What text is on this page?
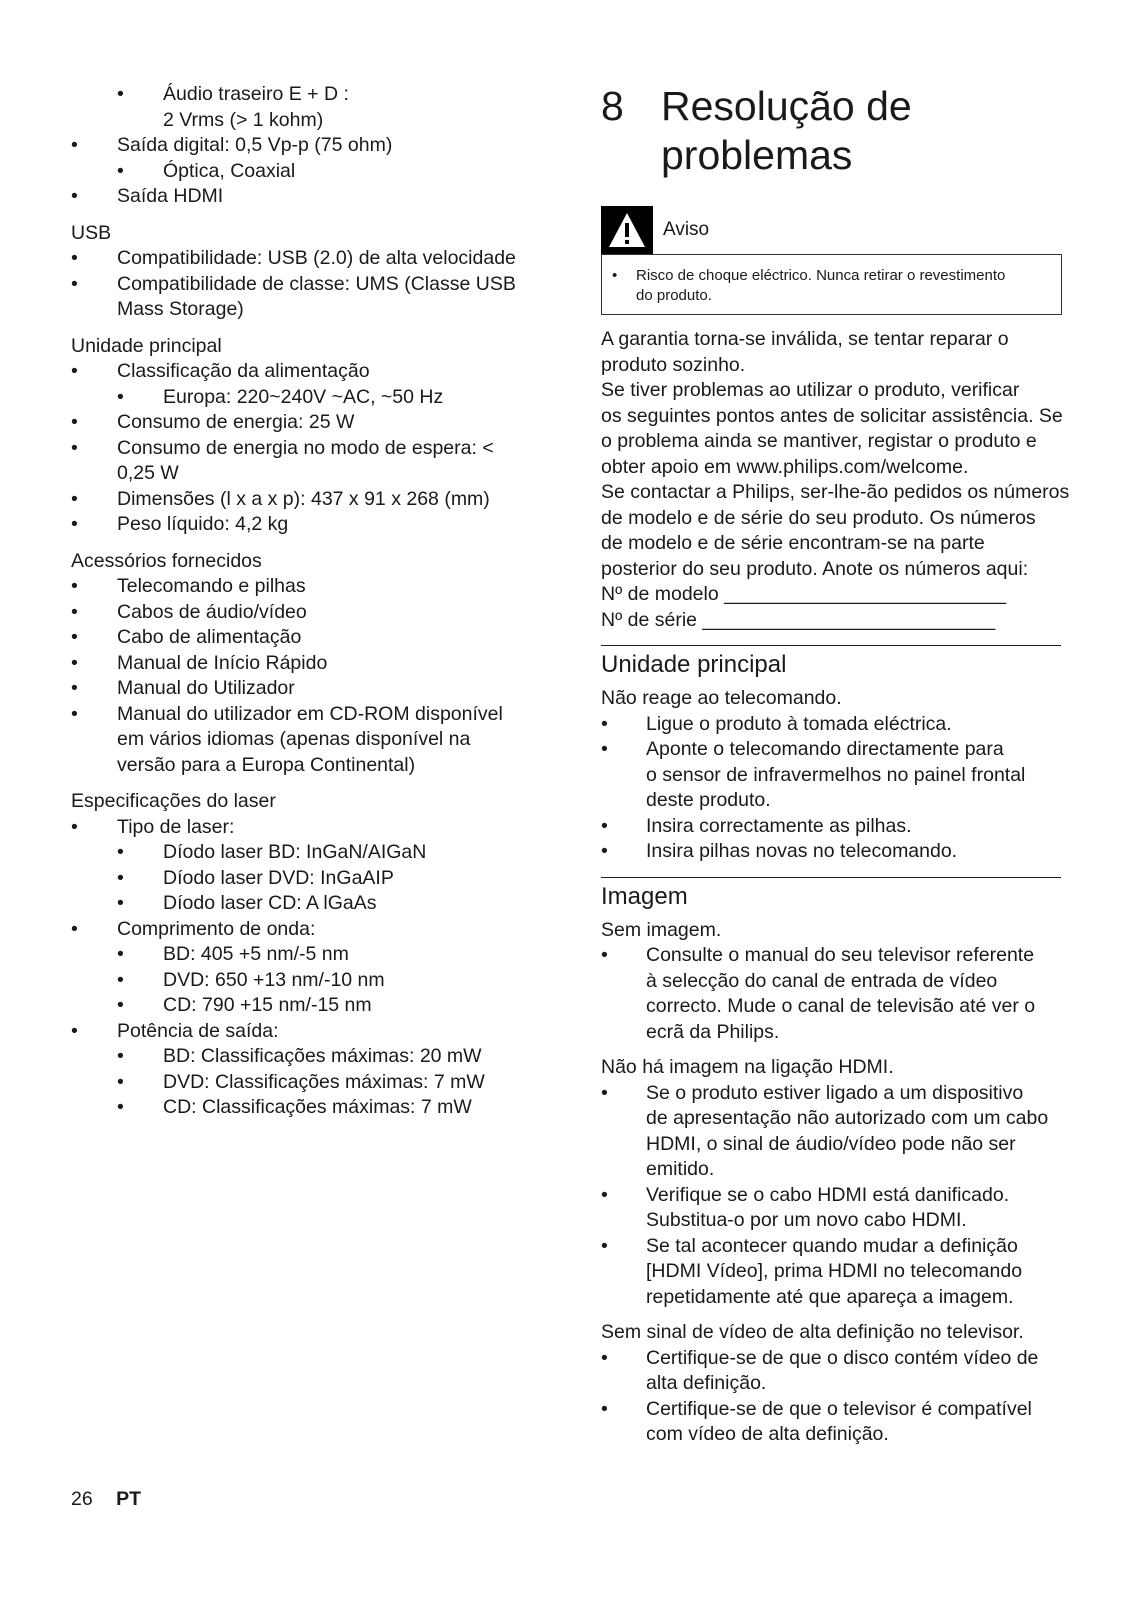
•	Áudio traseiro E + D :
2 Vrms (> 1 kohm)
•	Saída digital: 0,5 Vp-p (75 ohm)
•	Óptica, Coaxial
•	Saída HDMI
USB
•	Compatibilidade: USB (2.0) de alta velocidade
•	Compatibilidade de classe: UMS (Classe USB
Mass Storage)
Unidade principal
•	Classificação da alimentação
•	Europa: 220~240V ~AC, ~50 Hz
•	Consumo de energia: 25 W
•	Consumo de energia no modo de espera: <
0,25 W
•	Dimensões (l x a x p): 437 x 91 x 268 (mm)
•	Peso líquido: 4,2 kg
Acessórios fornecidos
•	Telecomando e pilhas
•	Cabos de áudio/vídeo
•	Cabo de alimentação
•	Manual de Início Rápido
•	Manual do Utilizador
•	Manual do utilizador em CD-ROM disponível
em vários idiomas (apenas disponível na
versão para a Europa Continental)
Especificações do laser
•	Tipo de laser:
•	Díodo laser BD: InGaN/AIGaN
•	Díodo laser DVD: InGaAIP
•	Díodo laser CD: A lGaAs
•	Comprimento de onda:
•	BD: 405 +5 nm/-5 nm
•	DVD: 650 +13 nm/-10 nm
•	CD: 790 +15 nm/-15 nm
•	Potência de saída:
•	BD: Classificações máximas: 20 mW
•	DVD: Classificações máximas: 7 mW
•	CD: Classificações máximas: 7 mW
8 Resolução de
problemas
Aviso
•	Risco de choque eléctrico. Nunca retirar o revestimento
do produto.
A garantia torna-se inválida, se tentar reparar o
produto sozinho.
Se tiver problemas ao utilizar o produto, verificar
os seguintes pontos antes de solicitar assistência. Se
o problema ainda se mantiver, registar o produto e
obter apoio em www.philips.com/welcome.
Se contactar a Philips, ser-lhe-ão pedidos os números
de modelo e de série do seu produto. Os números
de modelo e de série encontram-se na parte
posterior do seu produto. Anote os números aqui:
Nº de modelo __________________________
Nº de série ___________________________
Unidade principal
Não reage ao telecomando.
•	Ligue o produto à tomada eléctrica.
•	Aponte o telecomando directamente para
o sensor de infravermelhos no painel frontal
deste produto.
•	Insira correctamente as pilhas.
•	Insira pilhas novas no telecomando.
Imagem
Sem imagem.
•	Consulte o manual do seu televisor referente
à selecção do canal de entrada de vídeo
correcto. Mude o canal de televisão até ver o
ecrã da Philips.
Não há imagem na ligação HDMI.
•	Se o produto estiver ligado a um dispositivo
de apresentação não autorizado com um cabo
HDMI, o sinal de áudio/vídeo pode não ser
emitido.
•	Verifique se o cabo HDMI está danificado.
Substitua-o por um novo cabo HDMI.
•	Se tal acontecer quando mudar a definição
[HDMI Vídeo], prima HDMI no telecomando
repetidamente até que apareça a imagem.
Sem sinal de vídeo de alta definição no televisor.
•	Certifique-se de que o disco contém vídeo de
alta definição.
•	Certifique-se de que o televisor é compatível
com vídeo de alta definição.
26 PT
